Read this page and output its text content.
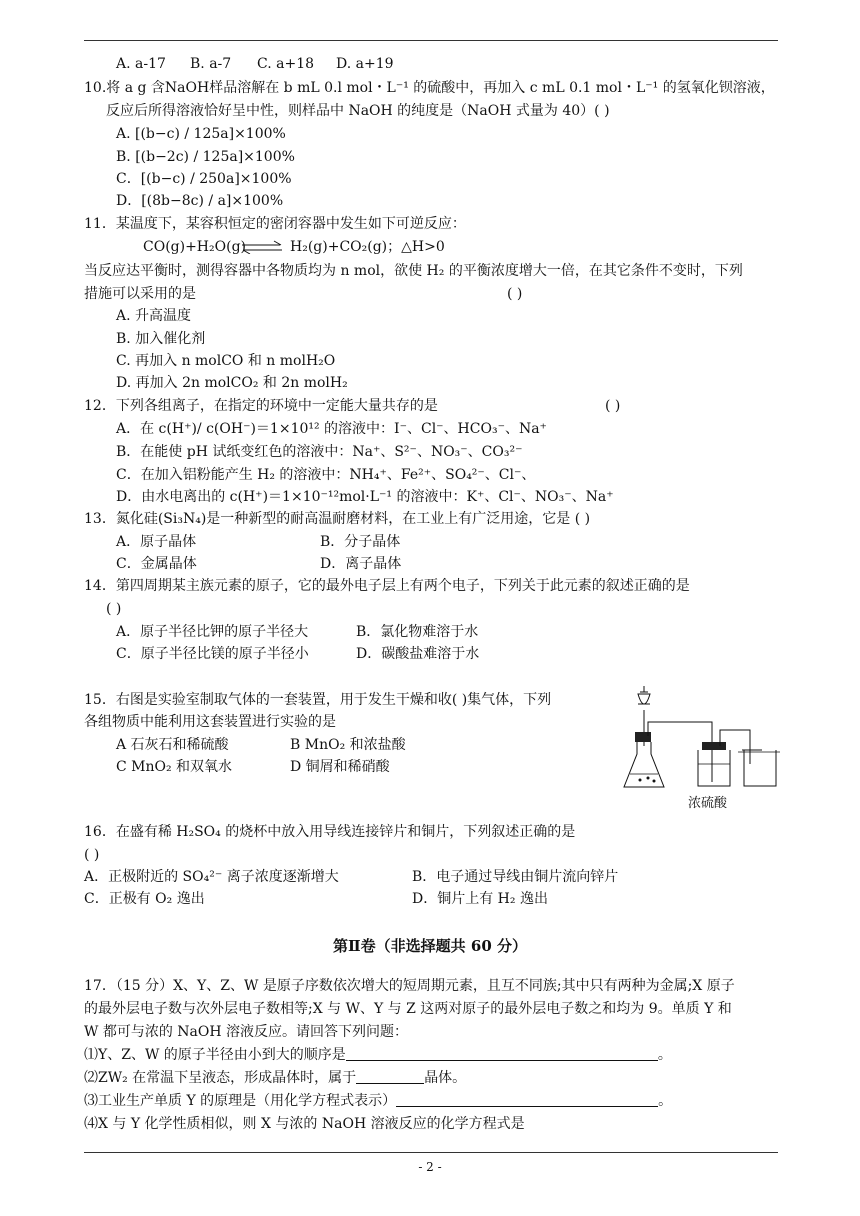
A. a-17 B. a-7 C. a+18 D. a+19
10.将 a g 含NaOH样品溶解在 b mL 0.l mol・L⁻¹ 的硫酸中，再加入 c mL 0.1 mol・L⁻¹ 的氢氧化钡溶液，
反应后所得溶液恰好呈中性，则样品中 NaOH 的纯度是（NaOH 式量为 40）( )
A. [(b−c) / 125a]×100%
B. [(b−2c) / 125a]×100%
C．[(b−c) / 250a]×100%
D．[(8b−8c) / a]×100%
11．某温度下，某容积恒定的密闭容器中发生如下可逆反应：
CO(g)+H₂O(g) ⇌ H₂(g)+CO₂(g)；△H>0
当反应达平衡时，测得容器中各物质均为 n mol，欲使 H₂ 的平衡浓度增大一倍，在其它条件不变时，下列
措施可以采用的是	( )
A. 升高温度
B. 加入催化剂
C. 再加入 n molCO 和 n molH₂O
D. 再加入 2n molCO₂ 和 2n molH₂
12．下列各组离子，在指定的环境中一定能大量共存的是	( )
A．在 c(H⁺)/ c(OH⁻)＝1×10¹² 的溶液中：I⁻、Cl⁻、HCO₃⁻、Na⁺
B．在能使 pH 试纸变红色的溶液中：Na⁺、S²⁻、NO₃⁻、CO₃²⁻
C．在加入铝粉能产生 H₂ 的溶液中：NH₄⁺、Fe²⁺、SO₄²⁻、Cl⁻、
D．由水电离出的 c(H⁺)＝1×10⁻¹²mol·L⁻¹ 的溶液中：K⁺、Cl⁻、NO₃⁻、Na⁺
13．氮化硅(Si₃N₄)是一种新型的耐高温耐磨材料，在工业上有广泛用途，它是 ( )
A．原子晶体	B．分子晶体
C．金属晶体	D．离子晶体
14．第四周期某主族元素的原子，它的最外电子层上有两个电子，下列关于此元素的叙述正确的是
( )
A．原子半径比钾的原子半径大	B．氯化物难溶于水
C．原子半径比镁的原子半径小	D．碳酸盐难溶于水
15．右图是实验室制取气体的一套装置，用于发生干燥和收( )集气体，下列
各组物质中能利用这套装置进行实验的是
A 石灰石和稀硫酸	B MnO₂ 和浓盐酸
C MnO₂ 和双氧水	D 铜屑和稀硝酸
浓硫酸
16．在盛有稀 H₂SO₄ 的烧杯中放入用导线连接锌片和铜片，下列叙述正确的是
( )
A．正极附近的 SO₄²⁻ 离子浓度逐渐增大	B．电子通过导线由铜片流向锌片
C．正极有 O₂ 逸出	D．铜片上有 H₂ 逸出
第Ⅱ卷（非选择题共 60 分）
17．（15 分）X、Y、Z、W 是原子序数依次增大的短周期元素，且互不同族;其中只有两种为金属;X 原子
的最外层电子数与次外层电子数相等;X 与 W、Y 与 Z 这两对原子的最外层电子数之和均为 9。单质 Y 和
W 都可与浓的 NaOH 溶液反应。请回答下列问题：
⑴Y、Z、W 的原子半径由小到大的顺序是	。
⑵ZW₂ 在常温下呈液态，形成晶体时，属于	晶体。
⑶工业生产单质 Y 的原理是（用化学方程式表示）	。
⑷X 与 Y 化学性质相似，则 X 与浓的 NaOH 溶液反应的化学方程式是
- 2 -
